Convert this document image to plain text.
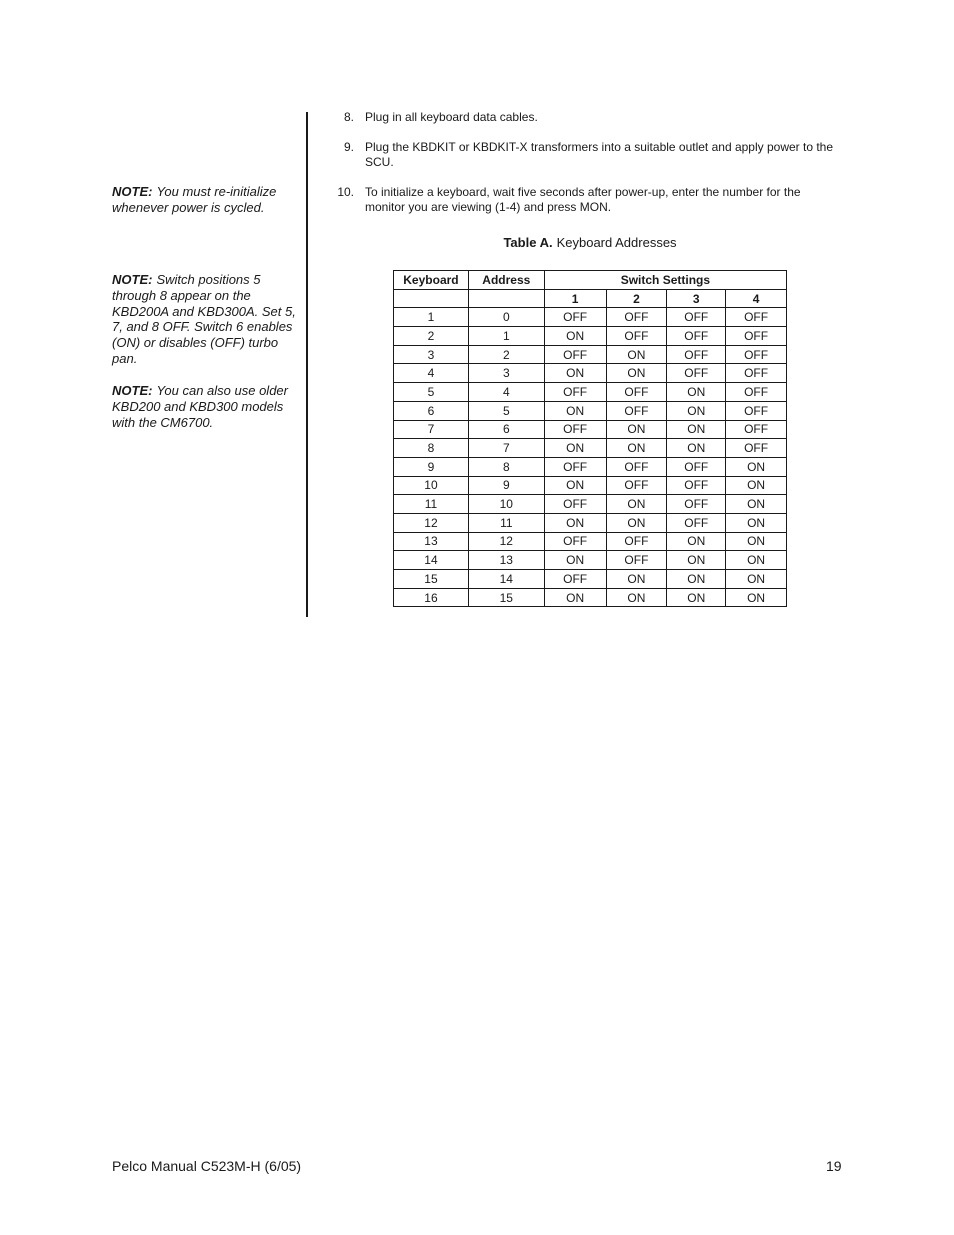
NOTE: You must re-initialize whenever power is cycled.
NOTE: Switch positions 5 through 8 appear on the KBD200A and KBD300A. Set 5, 7, and 8 OFF. Switch 6 enables (ON) or disables (OFF) turbo pan.
NOTE: You can also use older KBD200 and KBD300 models with the CM6700.
8. Plug in all keyboard data cables.
9. Plug the KBDKIT or KBDKIT-X transformers into a suitable outlet and apply power to the SCU.
10. To initialize a keyboard, wait five seconds after power-up, enter the number for the monitor you are viewing (1-4) and press MON.
Table A. Keyboard Addresses
Keyboard	Address	Switch Settings			
		1	2	3	4
1	0	OFF	OFF	OFF	OFF
2	1	ON	OFF	OFF	OFF
3	2	OFF	ON	OFF	OFF
4	3	ON	ON	OFF	OFF
5	4	OFF	OFF	ON	OFF
6	5	ON	OFF	ON	OFF
7	6	OFF	ON	ON	OFF
8	7	ON	ON	ON	OFF
9	8	OFF	OFF	OFF	ON
10	9	ON	OFF	OFF	ON
11	10	OFF	ON	OFF	ON
12	11	ON	ON	OFF	ON
13	12	OFF	OFF	ON	ON
14	13	ON	OFF	ON	ON
15	14	OFF	ON	ON	ON
16	15	ON	ON	ON	ON
Pelco Manual C523M-H (6/05)	19
